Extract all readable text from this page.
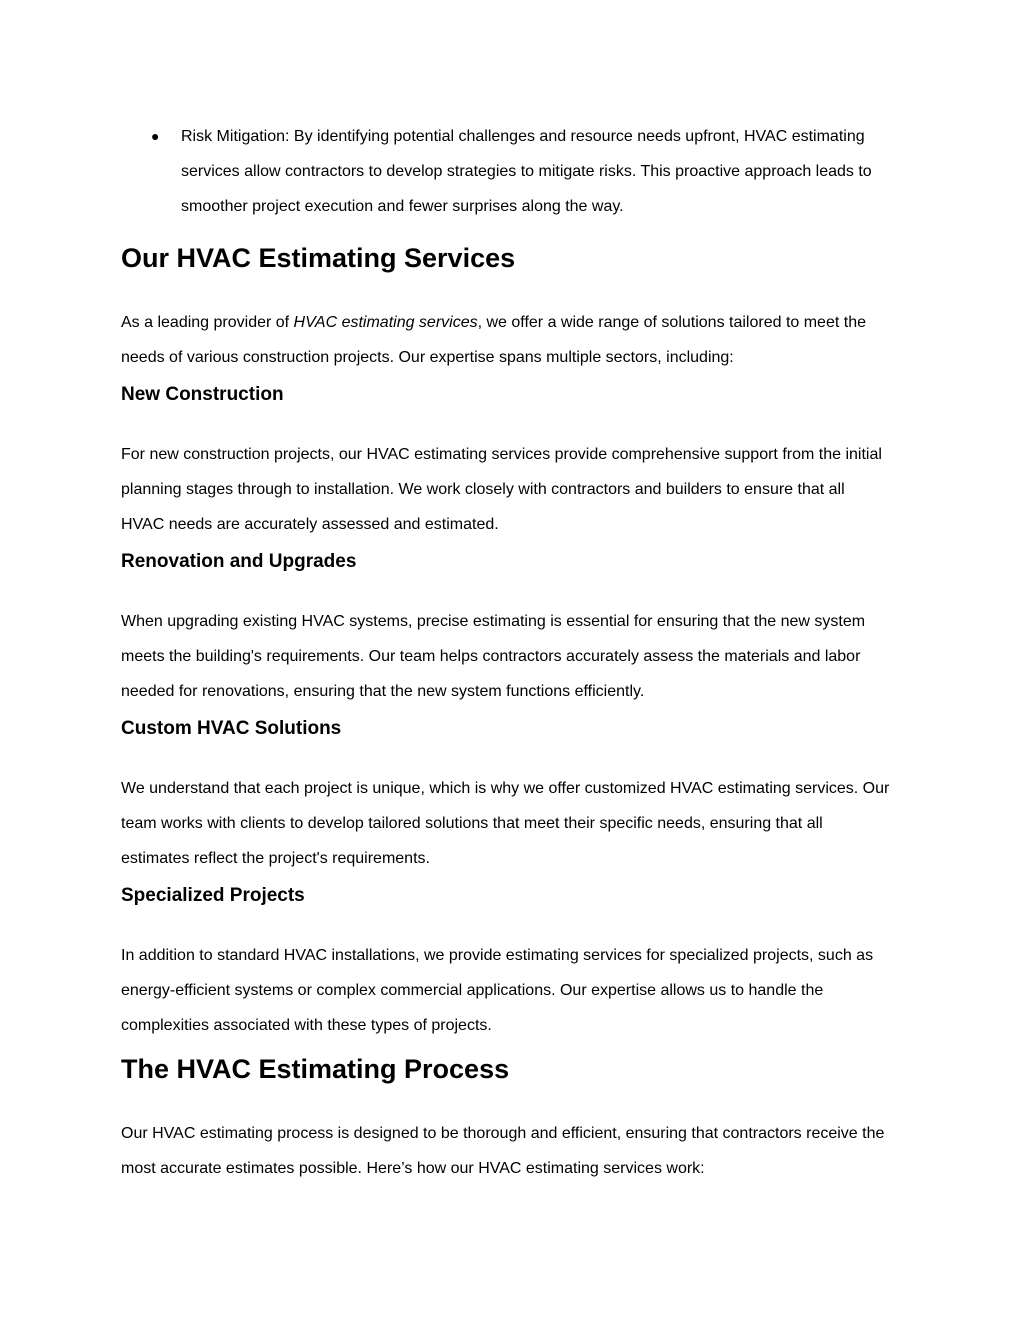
● Risk Mitigation: By identifying potential challenges and resource needs upfront, HVAC estimating services allow contractors to develop strategies to mitigate risks. This proactive approach leads to smoother project execution and fewer surprises along the way.
Our HVAC Estimating Services

As a leading provider of HVAC estimating services, we offer a wide range of solutions tailored to meet the needs of various construction projects. Our expertise spans multiple sectors, including:

New Construction

For new construction projects, our HVAC estimating services provide comprehensive support from the initial planning stages through to installation. We work closely with contractors and builders to ensure that all HVAC needs are accurately assessed and estimated.

Renovation and Upgrades

When upgrading existing HVAC systems, precise estimating is essential for ensuring that the new system meets the building's requirements. Our team helps contractors accurately assess the materials and labor needed for renovations, ensuring that the new system functions efficiently.

Custom HVAC Solutions

We understand that each project is unique, which is why we offer customized HVAC estimating services. Our team works with clients to develop tailored solutions that meet their specific needs, ensuring that all estimates reflect the project's requirements.

Specialized Projects

In addition to standard HVAC installations, we provide estimating services for specialized projects, such as energy-efficient systems or complex commercial applications. Our expertise allows us to handle the complexities associated with these types of projects.

The HVAC Estimating Process

Our HVAC estimating process is designed to be thorough and efficient, ensuring that contractors receive the most accurate estimates possible. Here’s how our HVAC estimating services work:
